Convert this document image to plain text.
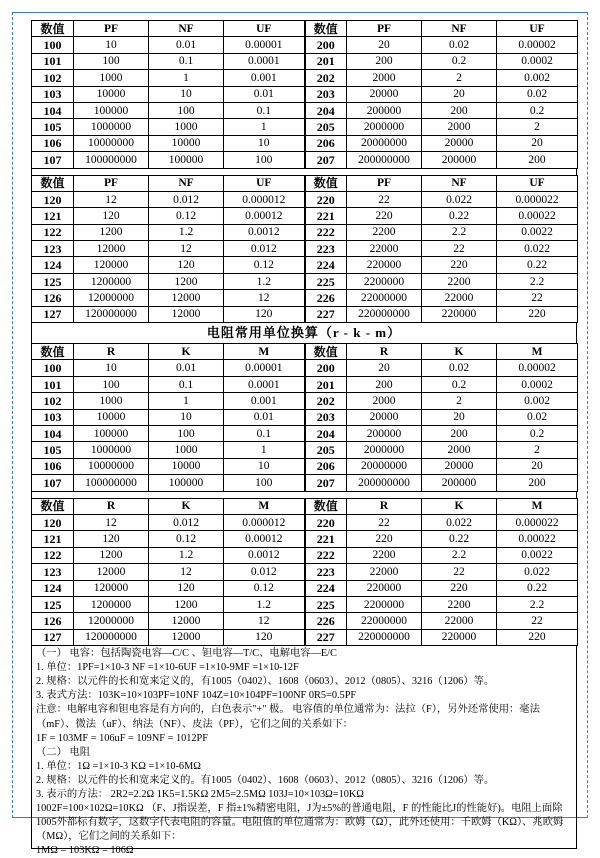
数值	PF	NF	UF	数值	PF	NF	UF
100	10	0.01	0.00001	200	20	0.02	0.00002
101	100	0.1	0.0001	201	200	0.2	0.0002
102	1000	1	0.001	202	2000	2	0.002
103	10000	10	0.01	203	20000	20	0.02
104	100000	100	0.1	204	200000	200	0.2
105	1000000	1000	1	205	2000000	2000	2
106	10000000	10000	10	206	20000000	20000	20
107	100000000	100000	100	207	200000000	200000	200
数值	PF	NF	UF	数值	PF	NF	UF
120	12	0.012	0.000012	220	22	0.022	0.000022
121	120	0.12	0.00012	221	220	0.22	0.00022
122	1200	1.2	0.0012	222	2200	2.2	0.0022
123	12000	12	0.012	223	22000	22	0.022
124	120000	120	0.12	224	220000	220	0.22
125	1200000	1200	1.2	225	2200000	2200	2.2
126	12000000	12000	12	226	22000000	22000	22
127	120000000	12000	120	227	220000000	220000	220
电阻常用单位换算（r - k - m）
数值	R	K	M	数值	R	K	M
100	10	0.01	0.00001	200	20	0.02	0.00002
101	100	0.1	0.0001	201	200	0.2	0.0002
102	1000	1	0.001	202	2000	2	0.002
103	10000	10	0.01	203	20000	20	0.02
104	100000	100	0.1	204	200000	200	0.2
105	1000000	1000	1	205	2000000	2000	2
106	10000000	10000	10	206	20000000	20000	20
107	100000000	100000	100	207	200000000	200000	200
数值	R	K	M	数值	R	K	M
120	12	0.012	0.000012	220	22	0.022	0.000022
121	120	0.12	0.00012	221	220	0.22	0.00022
122	1200	1.2	0.0012	222	2200	2.2	0.0022
123	12000	12	0.012	223	22000	22	0.022
124	120000	120	0.12	224	220000	220	0.22
125	1200000	1200	1.2	225	2200000	2200	2.2
126	12000000	12000	12	226	22000000	22000	22
127	120000000	12000	120	227	220000000	220000	220

（一） 电容：包括陶瓷电容—C/C 、钽电容—T/C、电解电容—E/C

1. 单位：1PF=1×10-3 NF =1×10-6UF =1×10-9MF =1×10-12F

2. 规格：以元件的长和宽来定义的，有1005（0402）、1608（0603）、2012（0805）、3216（1206）等。

3. 表式方法：103K=10×103PF=10NF 104Z=10×104PF=100NF 0R5=0.5PF

注意：电解电容和钽电容是有方向的，白色表示"+" 极。 电容值的单位通常为：法拉（F），另外还常使用：毫法（mF）、微法（uF）、纳法（NF）、皮法（PF），它们之间的关系如下：

1F = 103MF = 106uF = 109NF = 1012PF

（二） 电阻

1. 单位：1Ω =1×10-3 KΩ =1×10-6MΩ

2. 规格：以元件的长和宽来定义的。有1005（0402）、1608（0603）、2012（0805）、3216（1206）等。

3. 表示的方法： 2R2=2.2Ω 1K5=1.5KΩ 2M5=2.5MΩ 103J=10×103Ω=10KΩ

1002F=100×102Ω=10KΩ （F、J指误差，F 指±1%精密电阻，J为±5%的普通电阻，F 的性能比J的性能好)。电阻上面除1005外都标有数字，这数字代表电阻的容量。电阻值的单位通常为：欧姆（Ω），此外还使用：千欧姆（KΩ）、兆欧姆（MΩ），它们之间的关系如下：

1MΩ = 103KΩ = 106Ω
